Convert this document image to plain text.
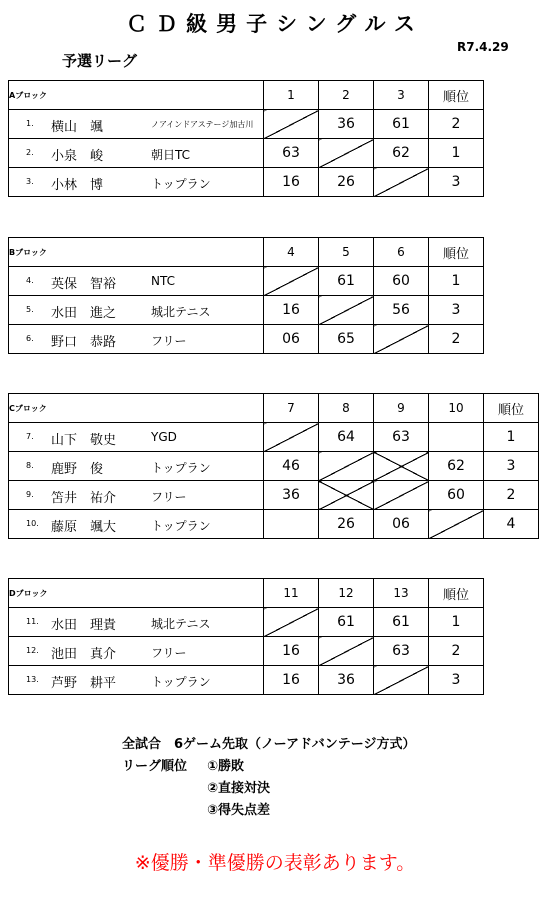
ＣＤ級男子シングルス
予選リーグ
R7.4.29
Aブロック	1	2	3	順位

1. 横山　颯 ノアインドアステージ加古川		36	61	2

2. 小泉　峻 朝日TC	63		62	1

3. 小林　博 トップラン	16	26		3
Bブロック	4	5	6	順位

4. 英保　智裕 NTC		61	60	1

5. 水田　進之 城北テニス	16		56	3

6. 野口　恭路 フリー	06	65		2
Cブロック	7	8	9	10	順位

7. 山下　敬史 YGD		64	63		1

8. 鹿野　俊 トップラン	46			62	3

9. 笘井　祐介 フリー	36			60	2

10. 藤原　颯大 トップラン		26	06		4
Dブロック	11	12	13	順位

11. 水田　理貴 城北テニス		61	61	1

12. 池田　真介 フリー	16		63	2

13. 芦野　耕平 トップラン	16	36		3
全試合　6ゲーム先取（ノーアドバンテージ方式）
リーグ順位 ①勝敗
②直接対決
③得失点差
※優勝・準優勝の表彰あります。
